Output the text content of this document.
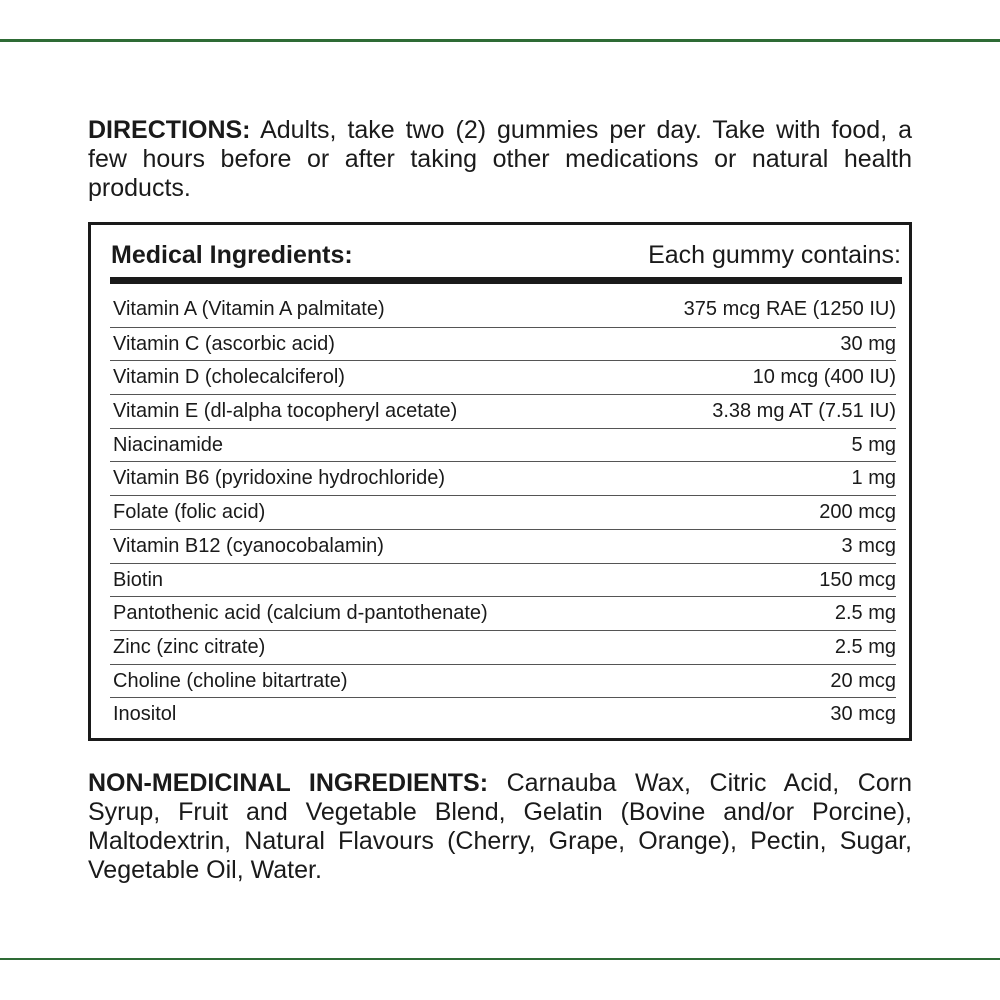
DIRECTIONS: Adults, take two (2) gummies per day. Take with food, a few hours before or after taking other medications or natural health products.

Medical Ingredients:	Each gummy contains:
Vitamin A (Vitamin A palmitate)	375 mcg RAE (1250 IU)
Vitamin C (ascorbic acid)	30 mg
Vitamin D (cholecalciferol)	10 mcg (400 IU)
Vitamin E (dl-alpha tocopheryl acetate)	3.38 mg AT (7.51 IU)
Niacinamide	5 mg
Vitamin B6 (pyridoxine hydrochloride)	1 mg
Folate (folic acid)	200 mcg
Vitamin B12 (cyanocobalamin)	3 mcg
Biotin	150 mcg
Pantothenic acid (calcium d-pantothenate)	2.5 mg
Zinc (zinc citrate)	2.5 mg
Choline (choline bitartrate)	20 mcg
Inositol	30 mcg

NON-MEDICINAL INGREDIENTS: Carnauba Wax, Citric Acid, Corn Syrup, Fruit and Vegetable Blend, Gelatin (Bovine and/or Porcine), Maltodextrin, Natural Flavours (Cherry, Grape, Orange), Pectin, Sugar, Vegetable Oil, Water.
